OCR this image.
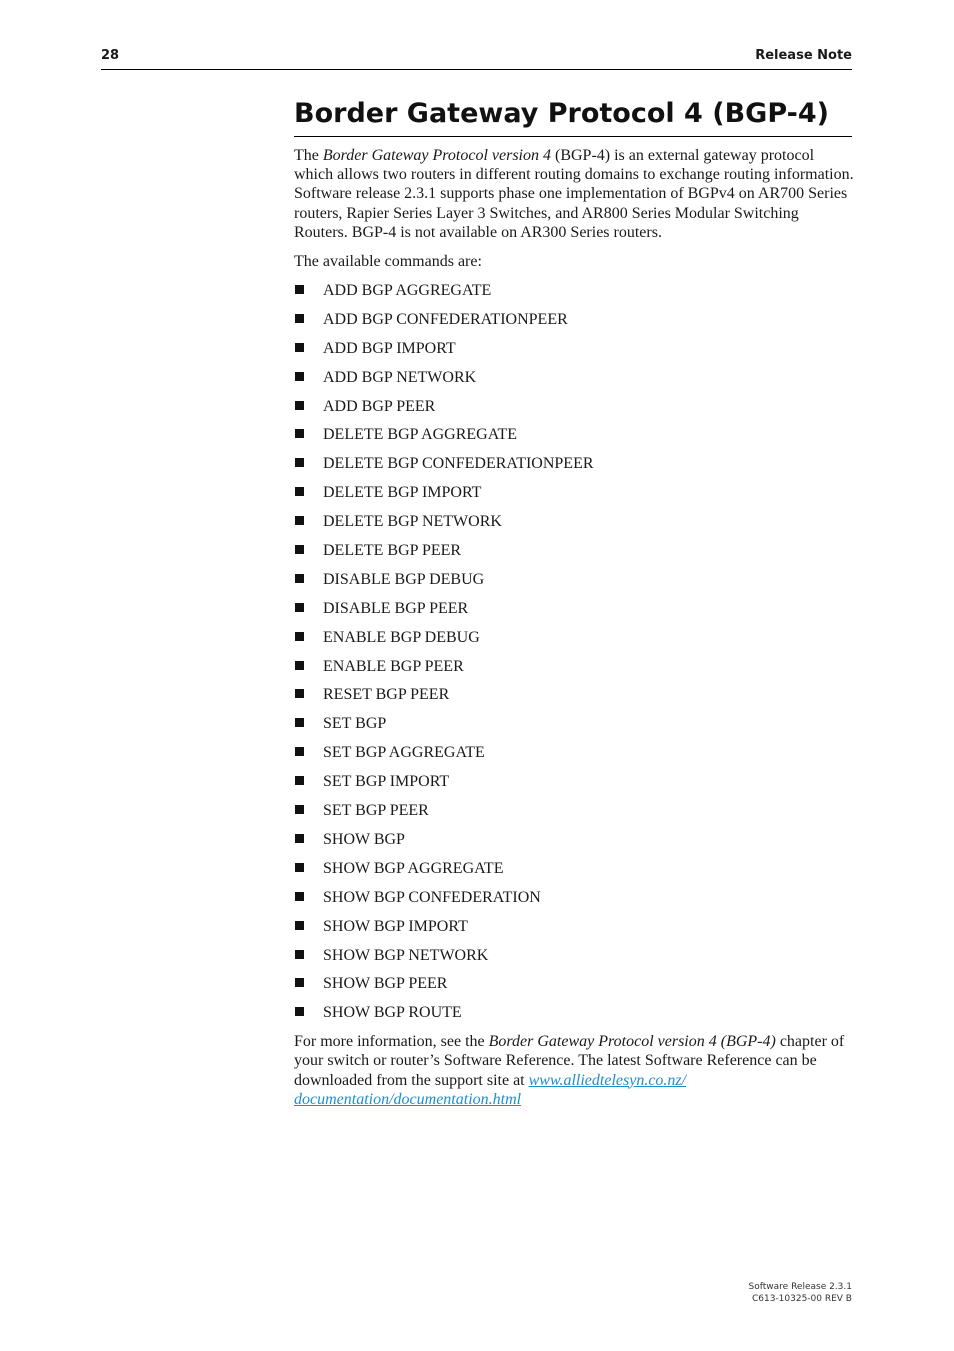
28	Release Note
Border Gateway Protocol 4 (BGP-4)

The Border Gateway Protocol version 4 (BGP-4) is an external gateway protocol which allows two routers in different routing domains to exchange routing information. Software release 2.3.1 supports phase one implementation of BGPv4 on AR700 Series routers, Rapier Series Layer 3 Switches, and AR800 Series Modular Switching Routers. BGP-4 is not available on AR300 Series routers.

The available commands are:

ADD BGP AGGREGATE
ADD BGP CONFEDERATIONPEER
ADD BGP IMPORT
ADD BGP NETWORK
ADD BGP PEER
DELETE BGP AGGREGATE
DELETE BGP CONFEDERATIONPEER
DELETE BGP IMPORT
DELETE BGP NETWORK
DELETE BGP PEER
DISABLE BGP DEBUG
DISABLE BGP PEER
ENABLE BGP DEBUG
ENABLE BGP PEER
RESET BGP PEER
SET BGP
SET BGP AGGREGATE
SET BGP IMPORT
SET BGP PEER
SHOW BGP
SHOW BGP AGGREGATE
SHOW BGP CONFEDERATION
SHOW BGP IMPORT
SHOW BGP NETWORK
SHOW BGP PEER
SHOW BGP ROUTE

For more information, see the Border Gateway Protocol version 4 (BGP-4) chapter of your switch or router’s Software Reference. The latest Software Reference can be downloaded from the support site at www.alliedtelesyn.co.nz/
documentation/documentation.html

Software Release 2.3.1
C613-10325-00 REV B
